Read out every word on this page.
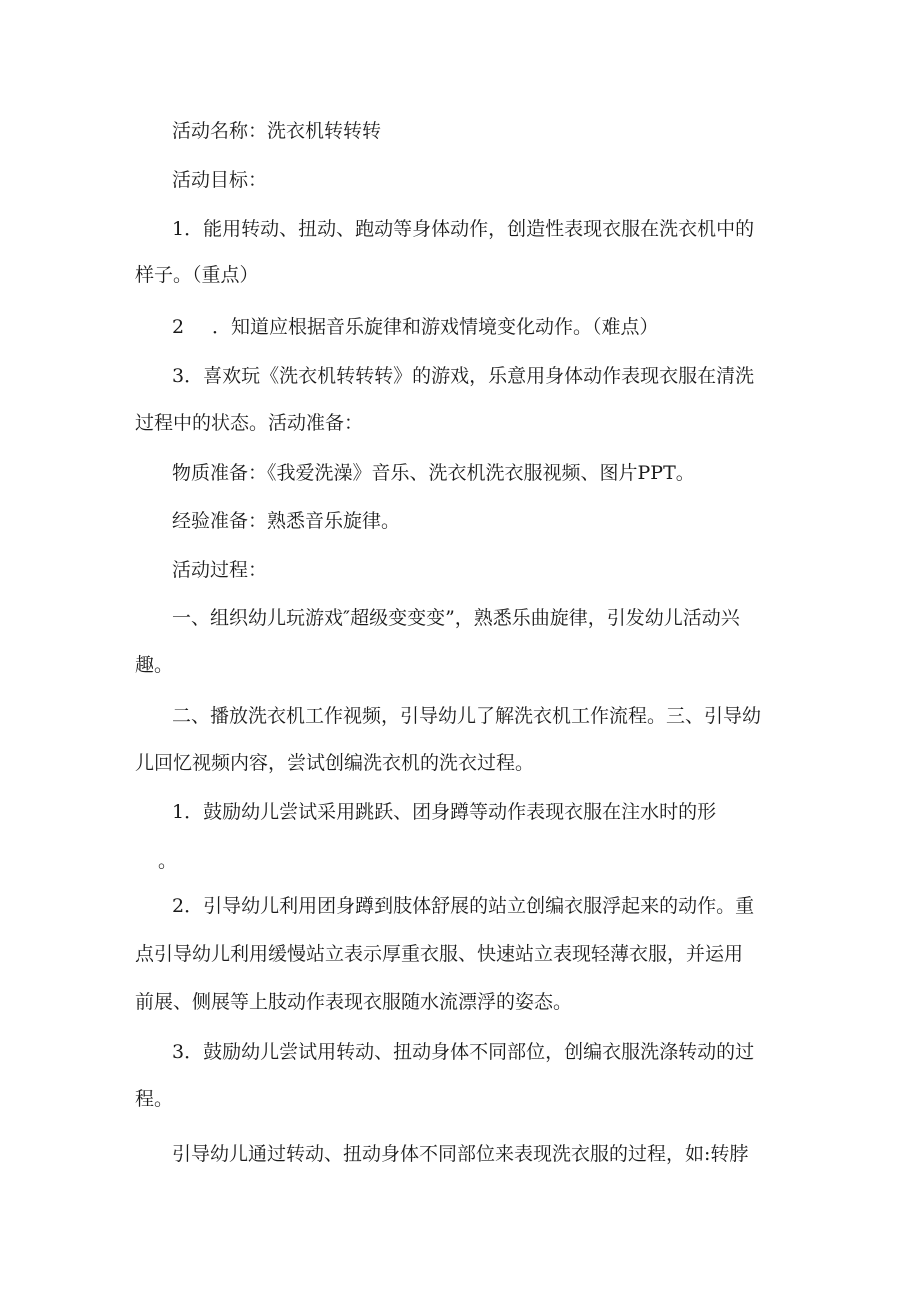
活动名称：洗衣机转转转
活动目标：
1．能用转动、扭动、跑动等身体动作，创造性表现衣服在洗衣机中的
样子。（重点）
2 ．知道应根据音乐旋律和游戏情境变化动作。（难点）
3．喜欢玩《洗衣机转转转》的游戏，乐意用身体动作表现衣服在清洗
过程中的状态。活动准备：
物质准备：《我爱洗澡》音乐、洗衣机洗衣服视频、图片PPT。
经验准备：熟悉音乐旋律。
活动过程：
一、组织幼儿玩游戏″超级变变变”，熟悉乐曲旋律，引发幼儿活动兴
趣。
二、播放洗衣机工作视频，引导幼儿了解洗衣机工作流程。三、引导幼
儿回忆视频内容，尝试创编洗衣机的洗衣过程。
1．鼓励幼儿尝试采用跳跃、团身蹲等动作表现衣服在注水时的形
。
2．引导幼儿利用团身蹲到肢体舒展的站立创编衣服浮起来的动作。重
点引导幼儿利用缓慢站立表示厚重衣服、快速站立表现轻薄衣服，并运用
前展、侧展等上肢动作表现衣服随水流漂浮的姿态。
3．鼓励幼儿尝试用转动、扭动身体不同部位，创编衣服洗涤转动的过
程。
引导幼儿通过转动、扭动身体不同部位来表现洗衣服的过程，如:转脖
